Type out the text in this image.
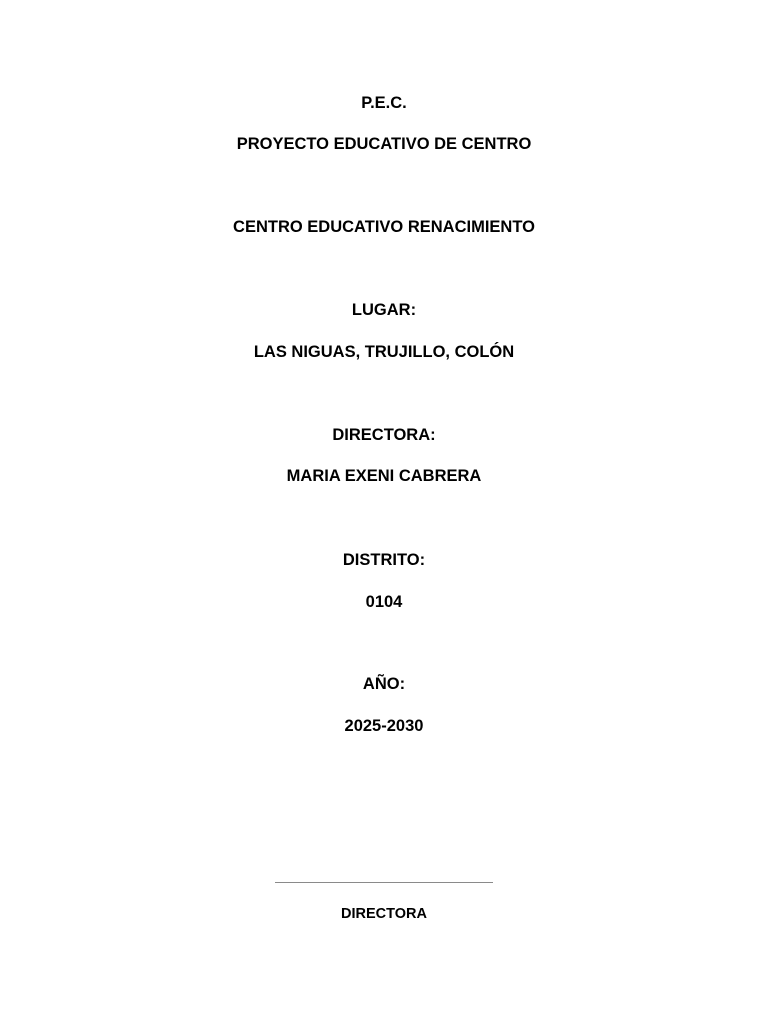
P.E.C.
PROYECTO EDUCATIVO DE CENTRO
CENTRO EDUCATIVO RENACIMIENTO
LUGAR:
LAS NIGUAS, TRUJILLO, COLÓN
DIRECTORA:
MARIA EXENI CABRERA
DISTRITO:
0104
AÑO:
2025-2030
DIRECTORA
